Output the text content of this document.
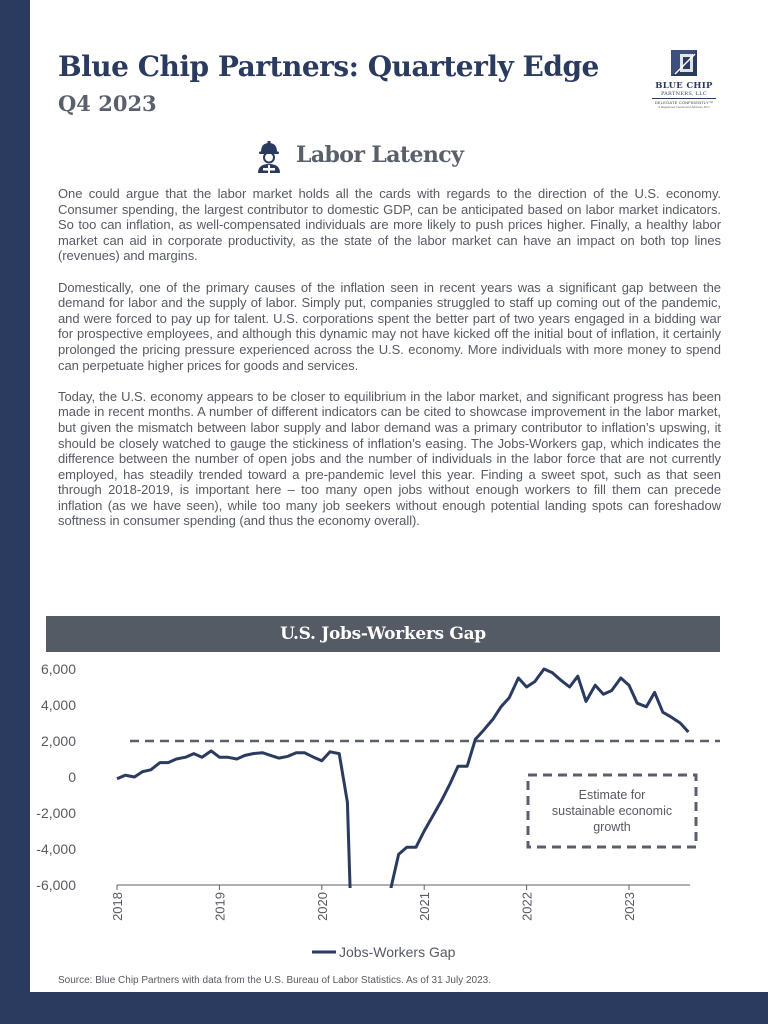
Blue Chip Partners: Quarterly Edge
Q4 2023
BLUE CHIP
PARTNERS, LLC
DELEGATE CONFIDENTLY™
A Registered Investment Advisory Firm
Labor Latency

One could argue that the labor market holds all the cards with regards to the direction of the U.S. economy. Consumer spending, the largest contributor to domestic GDP, can be anticipated based on labor market indicators. So too can inflation, as well-compensated individuals are more likely to push prices higher. Finally, a healthy labor market can aid in corporate productivity, as the state of the labor market can have an impact on both top lines (revenues) and margins.

Domestically, one of the primary causes of the inflation seen in recent years was a significant gap between the demand for labor and the supply of labor. Simply put, companies struggled to staff up coming out of the pandemic, and were forced to pay up for talent. U.S. corporations spent the better part of two years engaged in a bidding war for prospective employees, and although this dynamic may not have kicked off the initial bout of inflation, it certainly prolonged the pricing pressure experienced across the U.S. economy. More individuals with more money to spend can perpetuate higher prices for goods and services.

Today, the U.S. economy appears to be closer to equilibrium in the labor market, and significant progress has been made in recent months. A number of different indicators can be cited to showcase improvement in the labor market, but given the mismatch between labor supply and labor demand was a primary contributor to inflation’s upswing, it should be closely watched to gauge the stickiness of inflation’s easing. The Jobs-Workers gap, which indicates the difference between the number of open jobs and the number of individuals in the labor force that are not currently employed, has steadily trended toward a pre-pandemic level this year. Finding a sweet spot, such as that seen through 2018-2019, is important here – too many open jobs without enough workers to fill them can precede inflation (as we have seen), while too many job seekers without enough potential landing spots can foreshadow softness in consumer spending (and thus the economy overall).

U.S. Jobs-Workers Gap
6,000
4,000
2,000
0
-2,000
-4,000
-6,000
2018	2019	2020	2021	2022	2023
Estimate for sustainable economic growth
Jobs-Workers Gap

Source: Blue Chip Partners with data from the U.S. Bureau of Labor Statistics. As of 31 July 2023.
